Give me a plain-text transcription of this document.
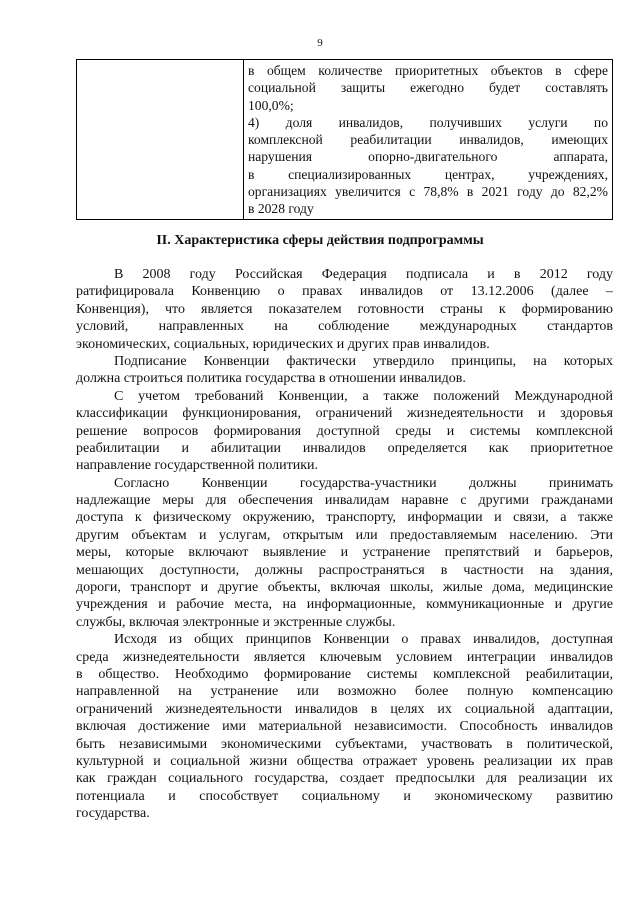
9

в общем количестве приоритетных объектов в сфере
социальной защиты ежегодно будет составлять
100,0%;
4) доля инвалидов, получивших услуги по
комплексной реабилитации инвалидов, имеющих
нарушения опорно-двигательного аппарата,
в специализированных центрах, учреждениях,
организациях увеличится с 78,8% в 2021 году до 82,2%
в 2028 году
II. Характеристика сферы действия подпрограммы
В 2008 году Российская Федерация подписала и в 2012 году
ратифицировала Конвенцию о правах инвалидов от 13.12.2006 (далее –
Конвенция), что является показателем готовности страны к формированию
условий, направленных на соблюдение международных стандартов
экономических, социальных, юридических и других прав инвалидов.
Подписание Конвенции фактически утвердило принципы, на которых
должна строиться политика государства в отношении инвалидов.
С учетом требований Конвенции, а также положений Международной
классификации функционирования, ограничений жизнедеятельности и здоровья
решение вопросов формирования доступной среды и системы комплексной
реабилитации и абилитации инвалидов определяется как приоритетное
направление государственной политики.
Согласно Конвенции государства-участники должны принимать
надлежащие меры для обеспечения инвалидам наравне с другими гражданами
доступа к физическому окружению, транспорту, информации и связи, а также
другим объектам и услугам, открытым или предоставляемым населению. Эти
меры, которые включают выявление и устранение препятствий и барьеров,
мешающих доступности, должны распространяться в частности на здания,
дороги, транспорт и другие объекты, включая школы, жилые дома, медицинские
учреждения и рабочие места, на информационные, коммуникационные и другие
службы, включая электронные и экстренные службы.
Исходя из общих принципов Конвенции о правах инвалидов, доступная
среда жизнедеятельности является ключевым условием интеграции инвалидов
в общество. Необходимо формирование системы комплексной реабилитации,
направленной на устранение или возможно более полную компенсацию
ограничений жизнедеятельности инвалидов в целях их социальной адаптации,
включая достижение ими материальной независимости. Способность инвалидов
быть независимыми экономическими субъектами, участвовать в политической,
культурной и социальной жизни общества отражает уровень реализации их прав
как граждан социального государства, создает предпосылки для реализации их
потенциала и способствует социальному и экономическому развитию
государства.
